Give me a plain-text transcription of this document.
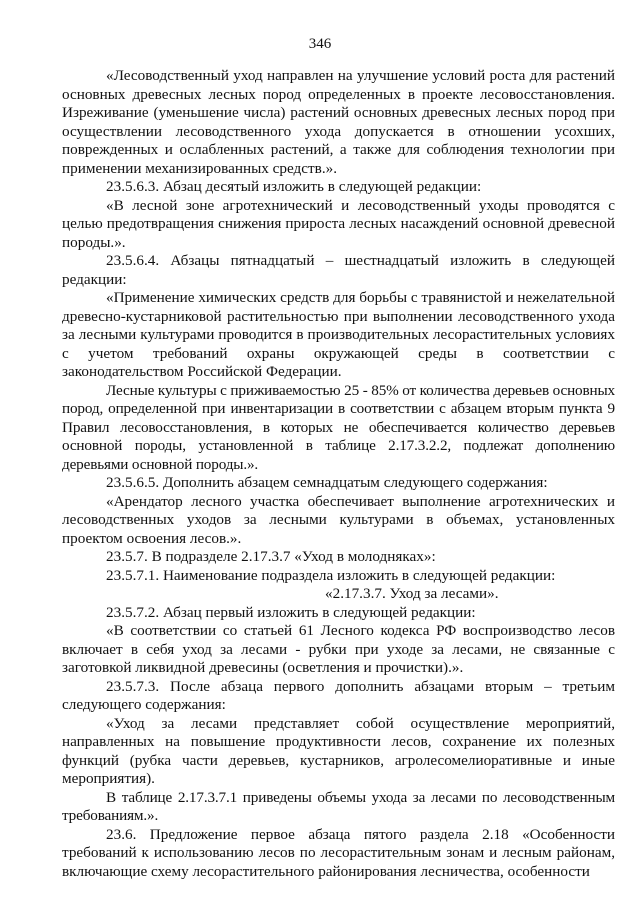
346

«Лесоводственный уход направлен на улучшение условий роста для растений основных древесных лесных пород определенных в проекте лесовосстановления. Изреживание (уменьшение числа) растений основных древесных лесных пород при осуществлении лесоводственного ухода допускается в отношении усохших, поврежденных и ослабленных растений, а также для соблюдения технологии при применении механизированных средств.».

23.5.6.3. Абзац десятый изложить в следующей редакции:

«В лесной зоне агротехнический и лесоводственный уходы проводятся с целью предотвращения снижения прироста лесных насаждений основной древесной породы.».

23.5.6.4. Абзацы пятнадцатый – шестнадцатый изложить в следующей редакции:

«Применение химических средств для борьбы с травянистой и нежелательной древесно-кустарниковой растительностью при выполнении лесоводственного ухода за лесными культурами проводится в производительных лесорастительных условиях с учетом требований охраны окружающей среды в соответствии с законодательством Российской Федерации.

Лесные культуры с приживаемостью 25 - 85% от количества деревьев основных пород, определенной при инвентаризации в соответствии с абзацем вторым пункта 9 Правил лесовосстановления, в которых не обеспечивается количество деревьев основной породы, установленной в таблице 2.17.3.2.2, подлежат дополнению деревьями основной породы.».

23.5.6.5. Дополнить абзацем семнадцатым следующего содержания:

«Арендатор лесного участка обеспечивает выполнение агротехнических и лесоводственных уходов за лесными культурами в объемах, установленных проектом освоения лесов.».

23.5.7. В подразделе 2.17.3.7 «Уход в молодняках»:

23.5.7.1. Наименование подраздела изложить в следующей редакции:

«2.17.3.7. Уход за лесами».

23.5.7.2. Абзац первый изложить в следующей редакции:

«В соответствии со статьей 61 Лесного кодекса РФ воспроизводство лесов включает в себя уход за лесами - рубки при уходе за лесами, не связанные с заготовкой ликвидной древесины (осветления и прочистки).».

23.5.7.3. После абзаца первого дополнить абзацами вторым – третьим следующего содержания:

«Уход за лесами представляет собой осуществление мероприятий, направленных на повышение продуктивности лесов, сохранение их полезных функций (рубка части деревьев, кустарников, агролесомелиоративные и иные мероприятия).

В таблице 2.17.3.7.1 приведены объемы ухода за лесами по лесоводственным требованиям.».

23.6. Предложение первое абзаца пятого раздела 2.18 «Особенности требований к использованию лесов по лесорастительным зонам и лесным районам, включающие схему лесорастительного районирования лесничества, особенности
